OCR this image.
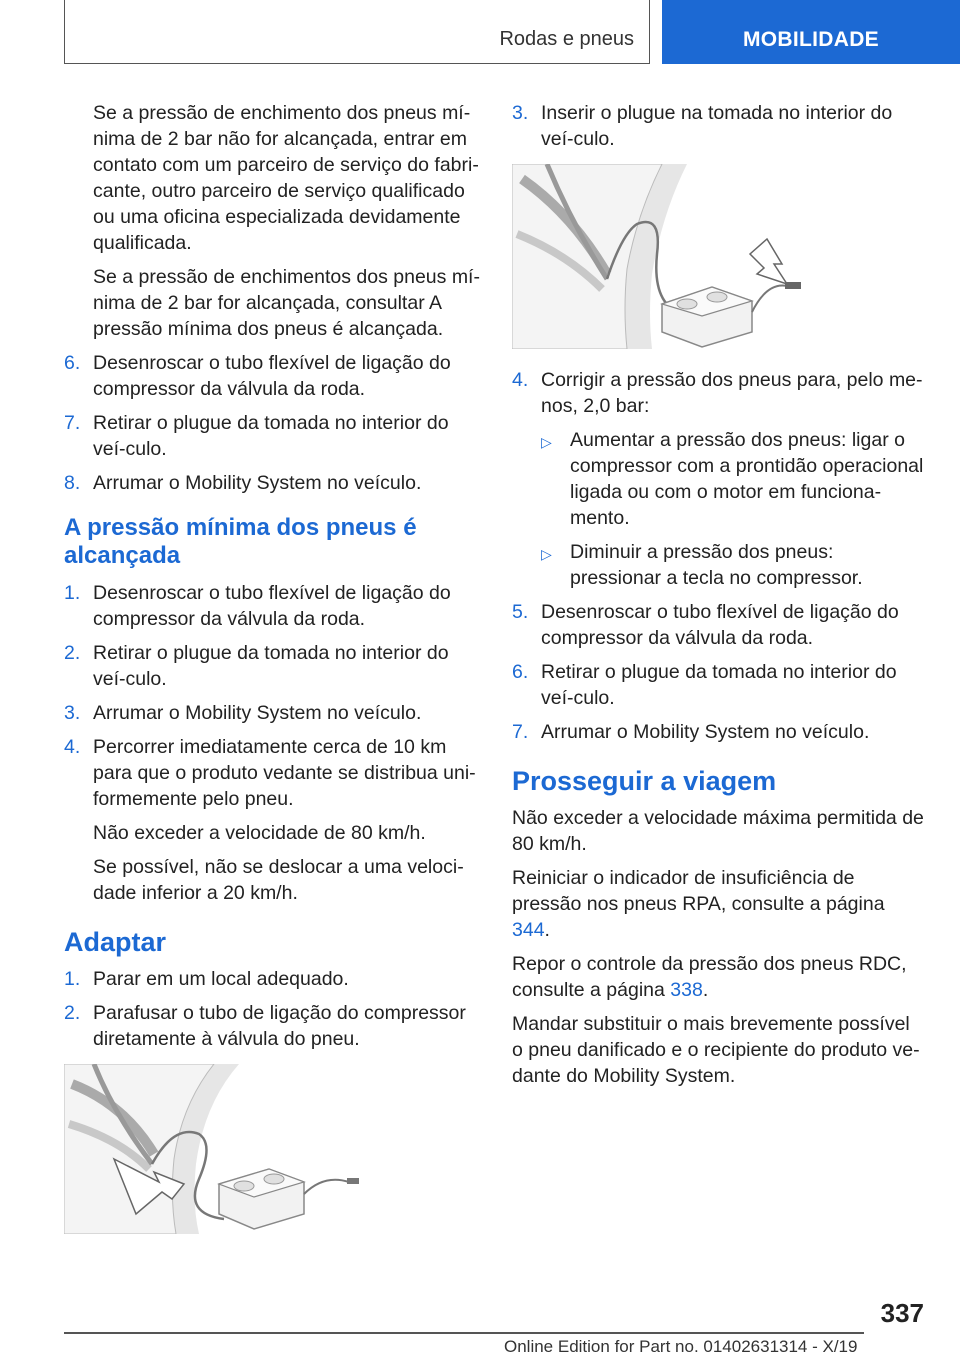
Rodas e pneus	MOBILIDADE

Se a pressão de enchimento dos pneus mí-nima de 2 bar não for alcançada, entrar em contato com um parceiro de serviço do fabri-cante, outro parceiro de serviço qualificado ou uma oficina especializada devidamente qualificada.

Se a pressão de enchimentos dos pneus mí-nima de 2 bar for alcançada, consultar A pressão mínima dos pneus é alcançada.

6. Desenroscar o tubo flexível de ligação do compressor da válvula da roda.
7. Retirar o plugue da tomada no interior do veí-culo.
8. Arrumar o Mobility System no veículo.
A pressão mínima dos pneus é alcançada
1. Desenroscar o tubo flexível de ligação do compressor da válvula da roda.
2. Retirar o plugue da tomada no interior do veí-culo.
3. Arrumar o Mobility System no veículo.
4. Percorrer imediatamente cerca de 10 km para que o produto vedante se distribua uni-formemente pelo pneu.

Não exceder a velocidade de 80 km/h.

Se possível, não se deslocar a uma veloci-dade inferior a 20 km/h.

Adaptar
1. Parar em um local adequado.
2. Parafusar o tubo de ligação do compressor diretamente à válvula do pneu.
3. Inserir o plugue na tomada no interior do veí-culo.
4. Corrigir a pressão dos pneus para, pelo me-nos, 2,0 bar:
▷ Aumentar a pressão dos pneus: ligar o compressor com a prontidão operacional ligada ou com o motor em funciona-mento.
▷ Diminuir a pressão dos pneus: pressionar a tecla no compressor.
5. Desenroscar o tubo flexível de ligação do compressor da válvula da roda.
6. Retirar o plugue da tomada no interior do veí-culo.
7. Arrumar o Mobility System no veículo.
Prosseguir a viagem

Não exceder a velocidade máxima permitida de 80 km/h.

Reiniciar o indicador de insuficiência de pressão nos pneus RPA, consulte a página 344.

Repor o controle da pressão dos pneus RDC, consulte a página 338.

Mandar substituir o mais brevemente possível o pneu danificado e o recipiente do produto ve-dante do Mobility System.

337
Online Edition for Part no. 01402631314 - X/19
